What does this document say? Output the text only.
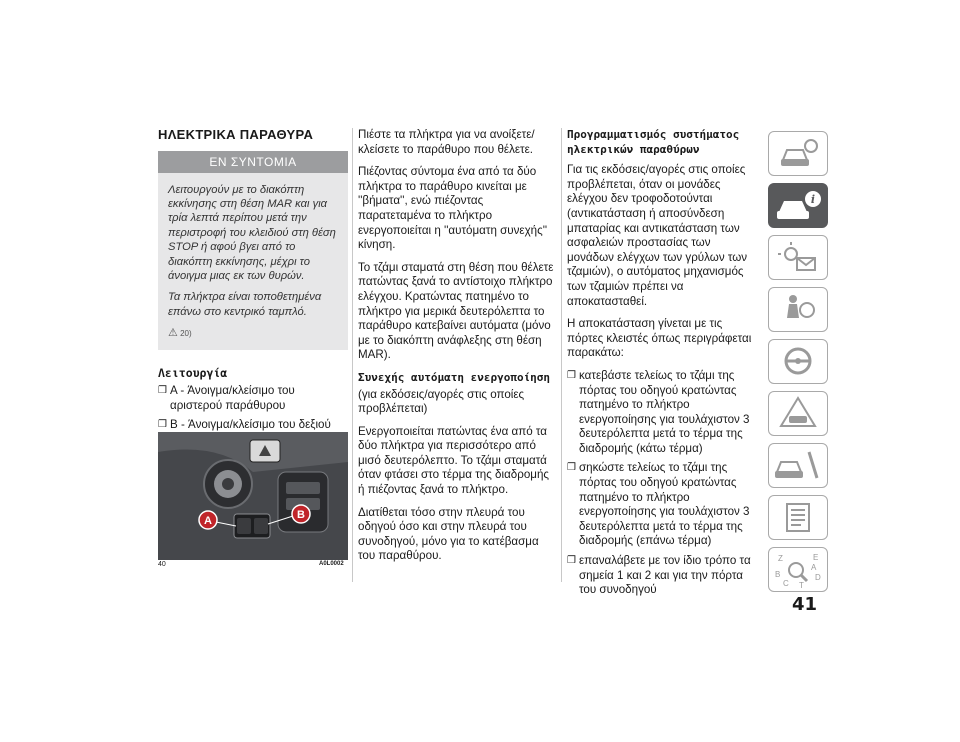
ΗΛΕΚΤΡΙΚΑ ΠΑΡΑΘΥΡΑ
ΕΝ ΣΥΝΤΟΜΙΑ

Λειτουργούν με το διακόπτη εκκίνησης στη θέση MAR και για τρία λεπτά περίπου μετά την περιστροφή του κλειδιού στη θέση STOP ή αφού βγει από το διακόπτη εκκίνησης, μέχρι το άνοιγμα μιας εκ των θυρών.

Τα πλήκτρα είναι τοποθετημένα επάνω στο κεντρικό ταμπλό.

⚠ 20)
Λειτουργία
❒ A - Άνοιγμα/κλείσιμο του αριστερού παράθυρου
❒ B - Άνοιγμα/κλείσιμο του δεξιού
A	B
40	A0L0002

Πιέστε τα πλήκτρα για να ανοίξετε/ κλείσετε το παράθυρο που θέλετε.

Πιέζοντας σύντομα ένα από τα δύο πλήκτρα το παράθυρο κινείται με ''βήματα'', ενώ πιέζοντας παρατεταμένα το πλήκτρο ενεργοποιείται η ''αυτόματη συνεχής'' κίνηση.

Το τζάμι σταματά στη θέση που θέλετε πατώντας ξανά το αντίστοιχο πλήκτρο ελέγχου. Κρατώντας πατημένο το πλήκτρο για μερικά δευτερόλεπτα το παράθυρο κατεβαίνει αυτόματα (μόνο με το διακόπτη ανάφλεξης στη θέση MAR).

Συνεχής αυτόματη ενεργοποίηση

(για εκδόσεις/αγορές στις οποίες προβλέπεται)

Ενεργοποιείται πατώντας ένα από τα δύο πλήκτρα για περισσότερο από μισό δευτερόλεπτο. Το τζάμι σταματά όταν φτάσει στο τέρμα της διαδρομής ή πιέζοντας ξανά το πλήκτρο.

Διατίθεται τόσο στην πλευρά του οδηγού όσο και στην πλευρά του συνοδηγού, μόνο για το κατέβασμα του παραθύρου.

Προγραμματισμός συστήματος ηλεκτρικών παραθύρων

Για τις εκδόσεις/αγορές στις οποίες προβλέπεται, όταν οι μονάδες ελέγχου δεν τροφοδοτούνται (αντικατάσταση ή αποσύνδεση μπαταρίας και αντικατάσταση των ασφαλειών προστασίας των μονάδων ελέγχων των γρύλων των τζαμιών), ο αυτόματος μηχανισμός των τζαμιών πρέπει να αποκατασταθεί.

Η αποκατάσταση γίνεται με τις πόρτες κλειστές όπως περιγράφεται παρακάτω:

❒ κατεβάστε τελείως το τζάμι της πόρτας του οδηγού κρατώντας πατημένο το πλήκτρο ενεργοποίησης για τουλάχιστον 3 δευτερόλεπτα μετά το τέρμα της διαδρομής (κάτω τέρμα)
❒ σηκώστε τελείως το τζάμι της πόρτας του οδηγού κρατώντας πατημένο το πλήκτρο ενεργοποίησης για τουλάχιστον 3 δευτερόλεπτα μετά το τέρμα της διαδρομής (επάνω τέρμα)
❒ επαναλάβετε με τον ίδιο τρόπο τα σημεία 1 και 2 και για την πόρτα του συνοδηγού
i
Z
B
C
E
D
T
A
41
